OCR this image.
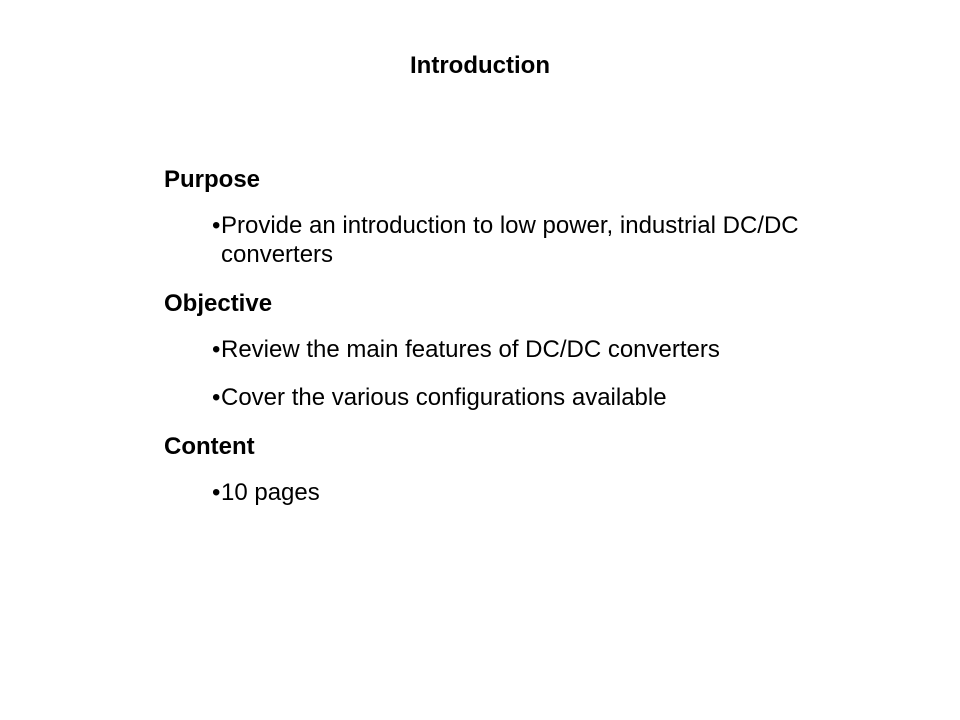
Introduction
Purpose
• Provide an introduction to low power, industrial DC/DC converters
Objective
• Review the main features of DC/DC converters
• Cover the various configurations available
Content
• 10 pages
